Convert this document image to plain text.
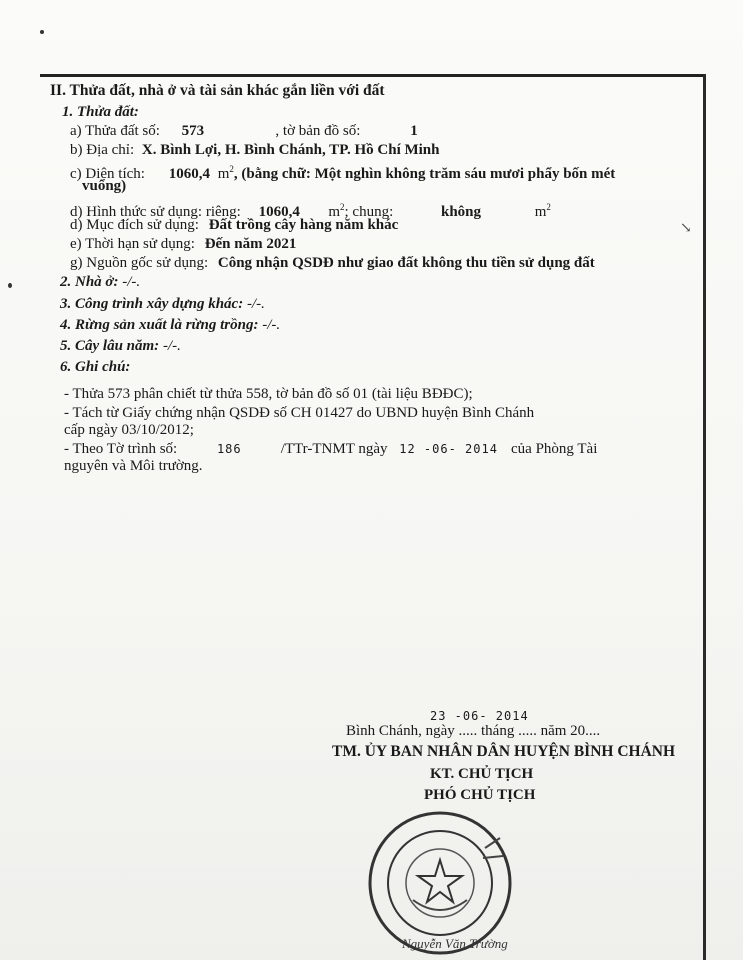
↘
II. Thửa đất, nhà ở và tài sản khác gắn liền với đất
1. Thửa đất:
a) Thửa đất số: 573	, tờ bản đồ số:	1
b) Địa chỉ: X. Bình Lợi, H. Bình Chánh, TP. Hồ Chí Minh
c) Diện tích: 1060,4 $m^2$, (bằng chữ: Một nghìn không trăm sáu mươi phẩy bốn mét
vuông)
d) Hình thức sử dụng: riêng: 1060,4 $m^2$; chung:	không	$m^2$
d) Mục đích sử dụng: Đất trồng cây hàng năm khác
e) Thời hạn sử dụng: Đến năm 2021
g) Nguồn gốc sử dụng: Công nhận QSDĐ như giao đất không thu tiền sử dụng đất
2. Nhà ở: -/-.
3. Công trình xây dựng khác: -/-.
4. Rừng sản xuất là rừng trồng: -/-.
5. Cây lâu năm: -/-.
6. Ghi chú:
- Thửa 573 phân chiết từ thửa 558, tờ bản đồ số 01 (tài liệu BĐĐC);
- Tách từ Giấy chứng nhận QSDĐ số CH 01427 do UBND huyện Bình Chánh
cấp ngày 03/10/2012;
- Theo Tờ trình số:	186	/TTr-TNMT ngày 12 -06- 2014 của Phòng Tài
nguyên và Môi trường.
23 -06- 2014
Bình Chánh, ngày ..... tháng ..... năm 20....
TM. ỦY BAN NHÂN DÂN HUYỆN BÌNH CHÁNH
KT. CHỦ TỊCH
PHÓ CHỦ TỊCH
Nguyễn Văn Trường
